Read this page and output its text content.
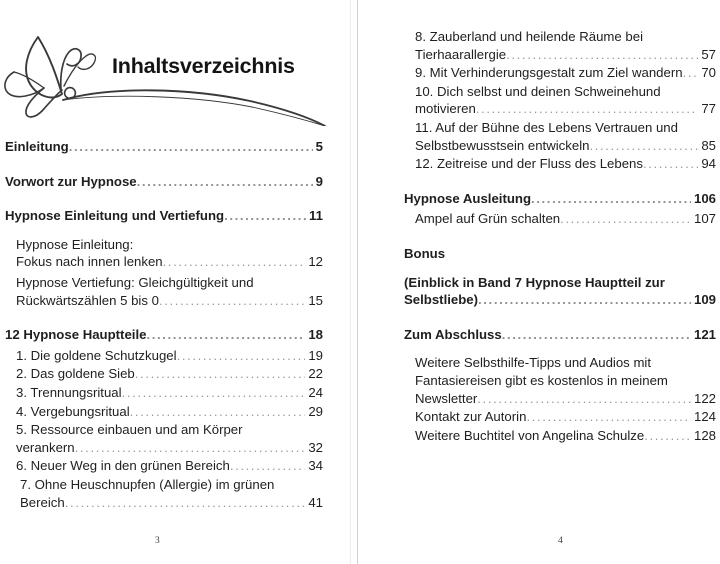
Inhaltsverzeichnis
Einleitung .....	5
Vorwort zur Hypnose .....	9
Hypnose Einleitung und Vertiefung .....	11
Hypnose Einleitung:
Fokus nach innen lenken .....	12
Hypnose Vertiefung: Gleichgültigkeit und
Rückwärtszählen 5 bis 0 .....	15
12 Hypnose Hauptteile .....	18
1. Die goldene Schutzkugel .....	19
2. Das goldene Sieb .....	22
3. Trennungsritual .....	24
4. Vergebungsritual .....	29
5. Ressource einbauen und am Körper
verankern .....	32
6. Neuer Weg in den grünen Bereich .....	34
7. Ohne Heuschnupfen (Allergie) im grünen
Bereich .....	41
3
8. Zauberland und heilende Räume bei
Tierhaarallergie .....	57
9. Mit Verhinderungsgestalt zum Ziel wandern ..... 70
10. Dich selbst und deinen Schweinehund
motivieren .....	77
11. Auf der Bühne des Lebens Vertrauen und
Selbstbewusstsein entwickeln .....	85
12. Zeitreise und der Fluss des Lebens .....	94
Hypnose Ausleitung .....	106
Ampel auf Grün schalten .....	107
Bonus
(Einblick in Band 7 Hypnose Hauptteil zur
Selbstliebe) .....	109
Zum Abschluss .....	121
Weitere Selbsthilfe-Tipps und Audios mit
Fantasiereisen gibt es kostenlos in meinem
Newsletter .....	122
Kontakt zur Autorin .....	124
Weitere Buchtitel von Angelina Schulze .....	128
4
